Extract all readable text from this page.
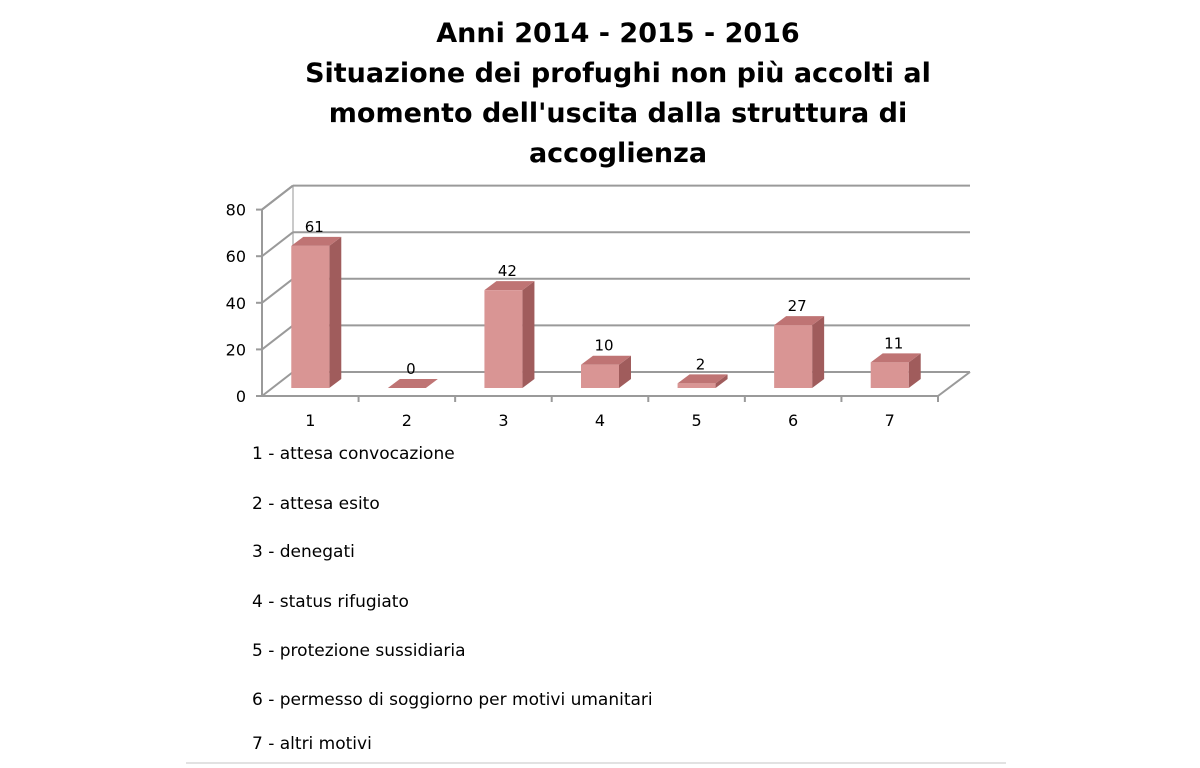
Anni 2014 - 2015 - 2016
Situazione dei profughi non più accolti al
momento dell'uscita dalla struttura di
accoglienza
0
20
40
60
80
61
1
0
2
42
3
10
4
2
5
27
6
11
7
1 - attesa convocazione
2 - attesa esito
3 - denegati
4 - status rifugiato
5 - protezione sussidiaria
6 - permesso di soggiorno per motivi umanitari
7 - altri motivi
